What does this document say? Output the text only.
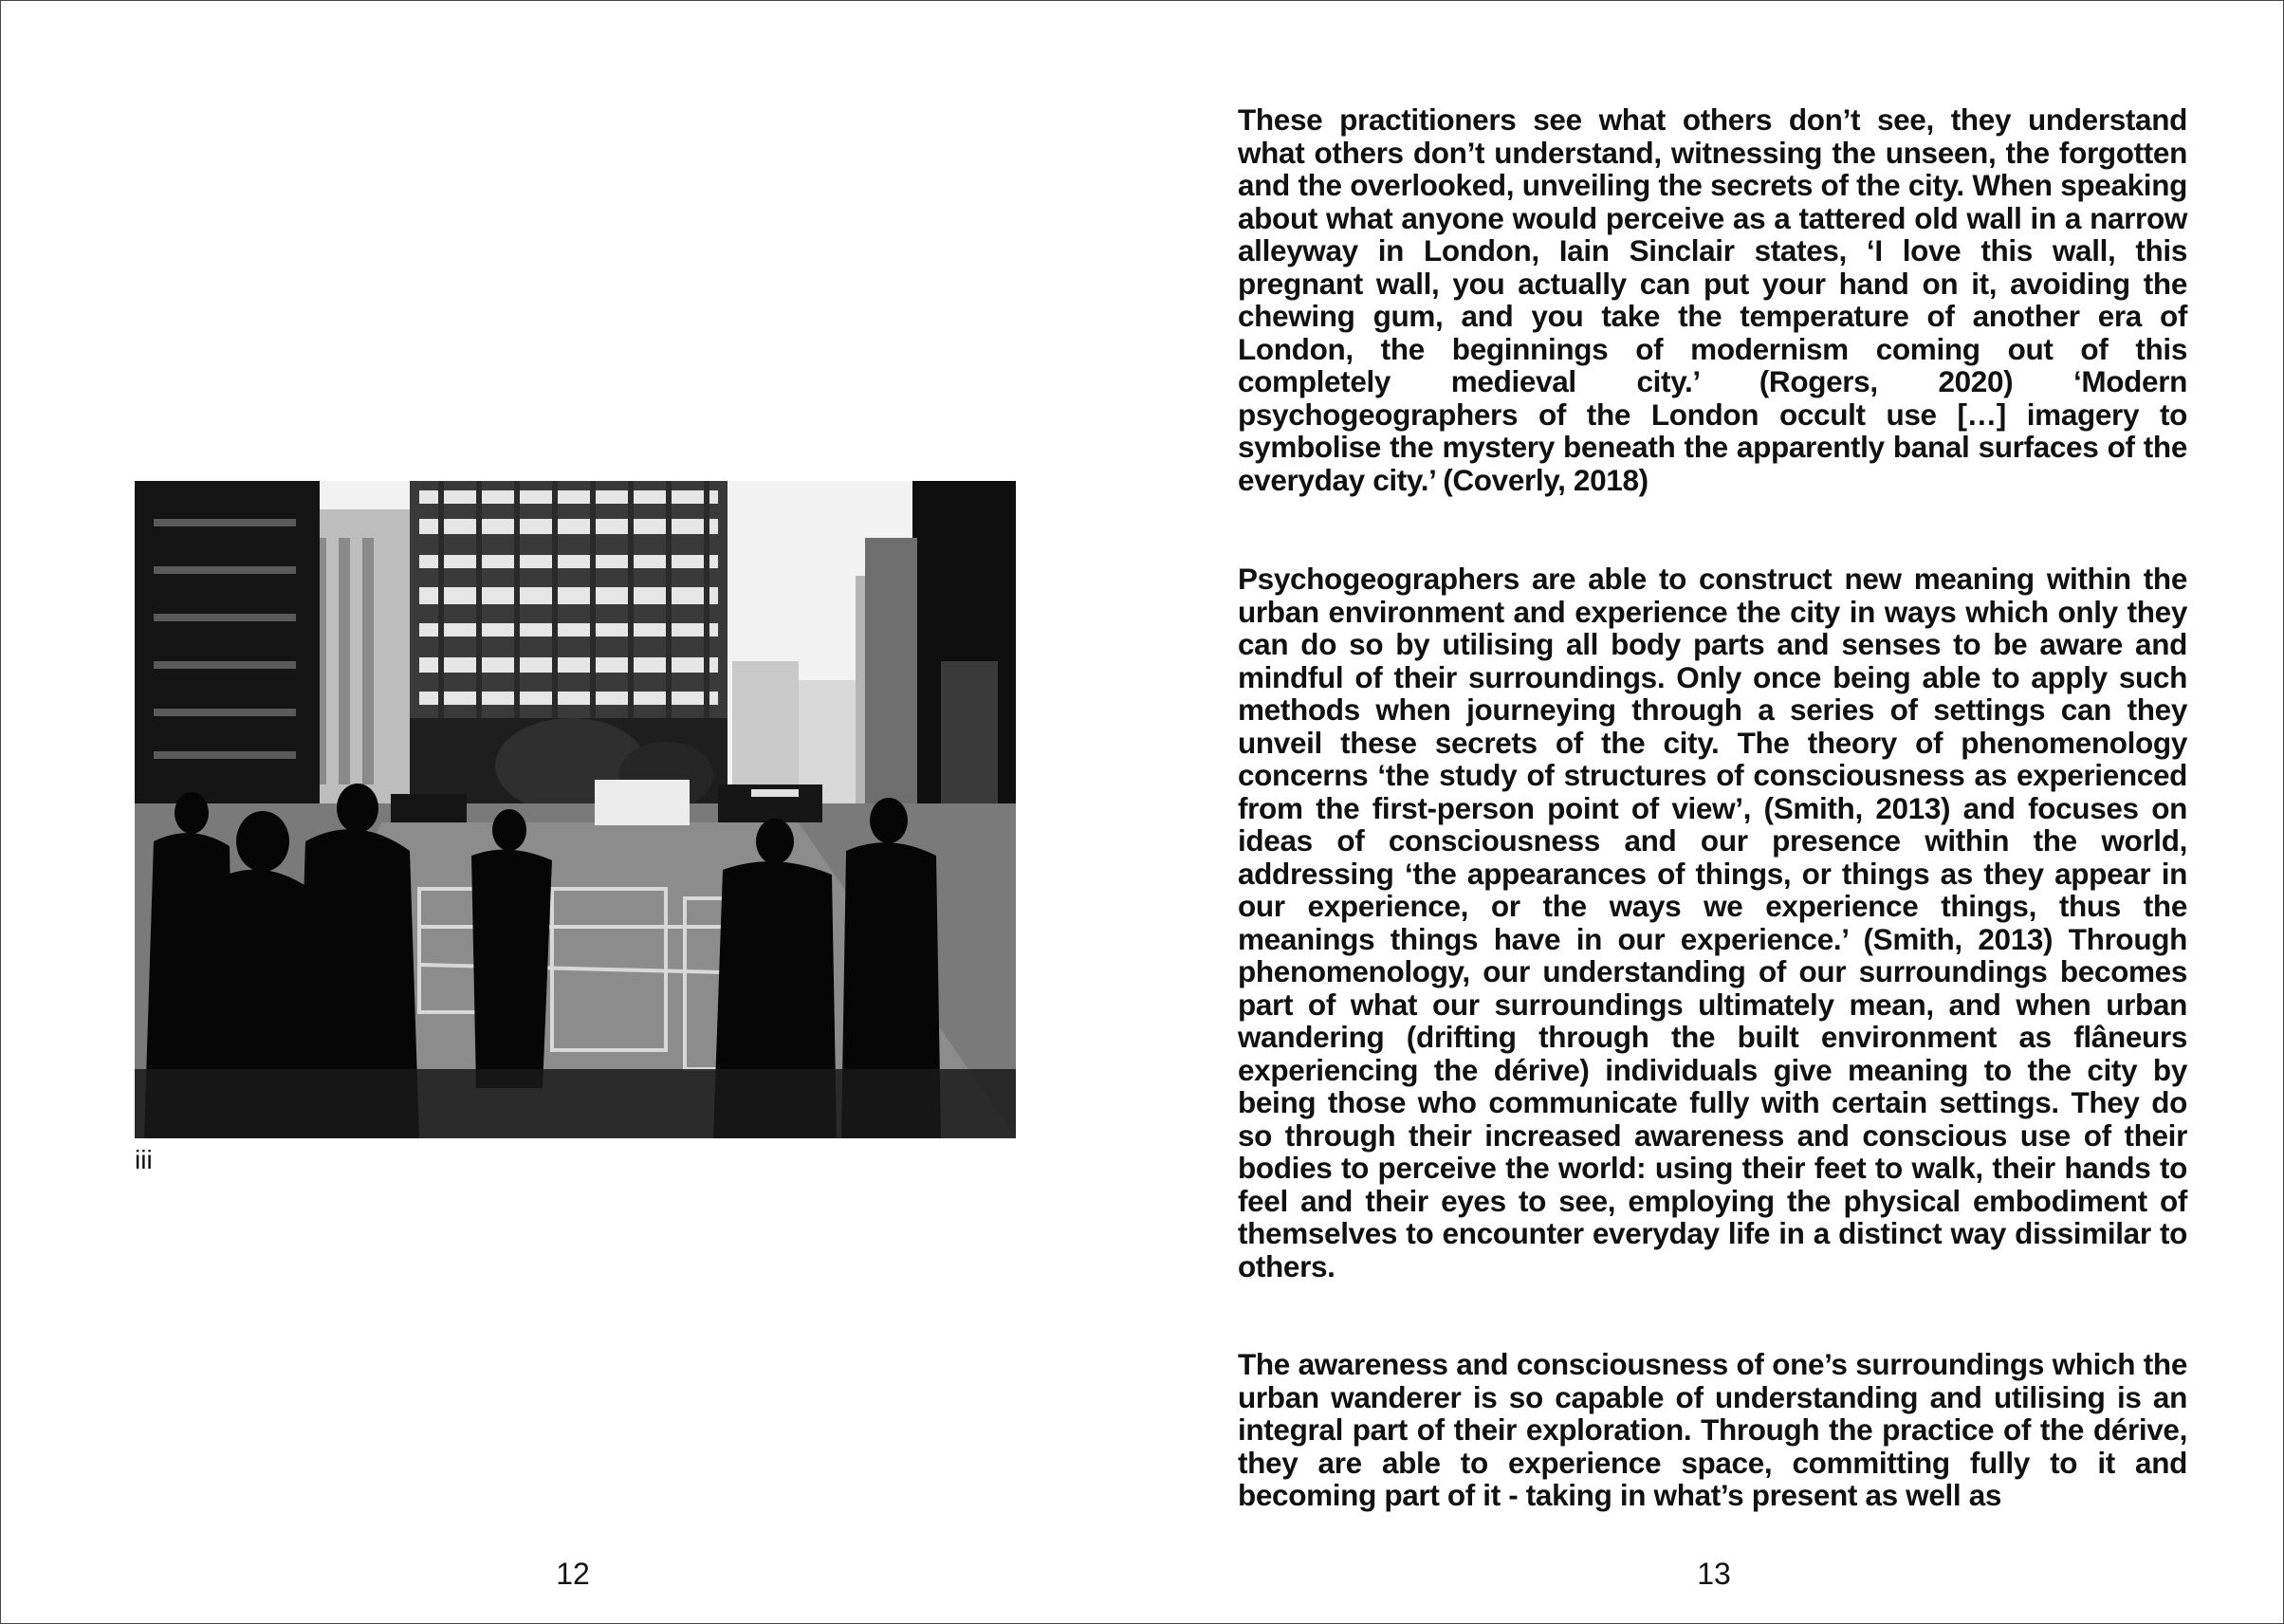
iii
12

These practitioners see what others don’t see, they understand what others don’t understand, witnessing the unseen, the forgotten and the overlooked, unveiling the secrets of the city. When speaking about what anyone would perceive as a tattered old wall in a narrow alleyway in London, Iain Sinclair states, ‘I love this wall, this pregnant wall, you actually can put your hand on it, avoiding the chewing gum, and you take the temperature of another era of London, the beginnings of modernism coming out of this completely medieval city.’ (Rogers, 2020) ‘Modern psychogeographers of the London occult use […] imagery to symbolise the mystery beneath the apparently banal surfaces of the everyday city.’ (Coverly, 2018)

Psychogeographers are able to construct new meaning within the urban environment and experience the city in ways which only they can do so by utilising all body parts and senses to be aware and mindful of their surroundings. Only once being able to apply such methods when journeying through a series of settings can they unveil these secrets of the city. The theory of phenomenology concerns ‘the study of structures of consciousness as experienced from the first-person point of view’, (Smith, 2013) and focuses on ideas of consciousness and our presence within the world, addressing ‘the appearances of things, or things as they appear in our experience, or the ways we experience things, thus the meanings things have in our experience.’ (Smith, 2013) Through phenomenology, our understanding of our surroundings becomes part of what our surroundings ultimately mean, and when urban wandering (drifting through the built environment as flâneurs experiencing the dérive) individuals give meaning to the city by being those who communicate fully with certain settings. They do so through their increased awareness and conscious use of their bodies to perceive the world: using their feet to walk, their hands to feel and their eyes to see, employing the physical embodiment of themselves to encounter everyday life in a distinct way dissimilar to others.

The awareness and consciousness of one’s surroundings which the urban wanderer is so capable of understanding and utilising is an integral part of their exploration. Through the practice of the dérive, they are able to experience space, committing fully to it and becoming part of it - taking in what’s present as well as

13
